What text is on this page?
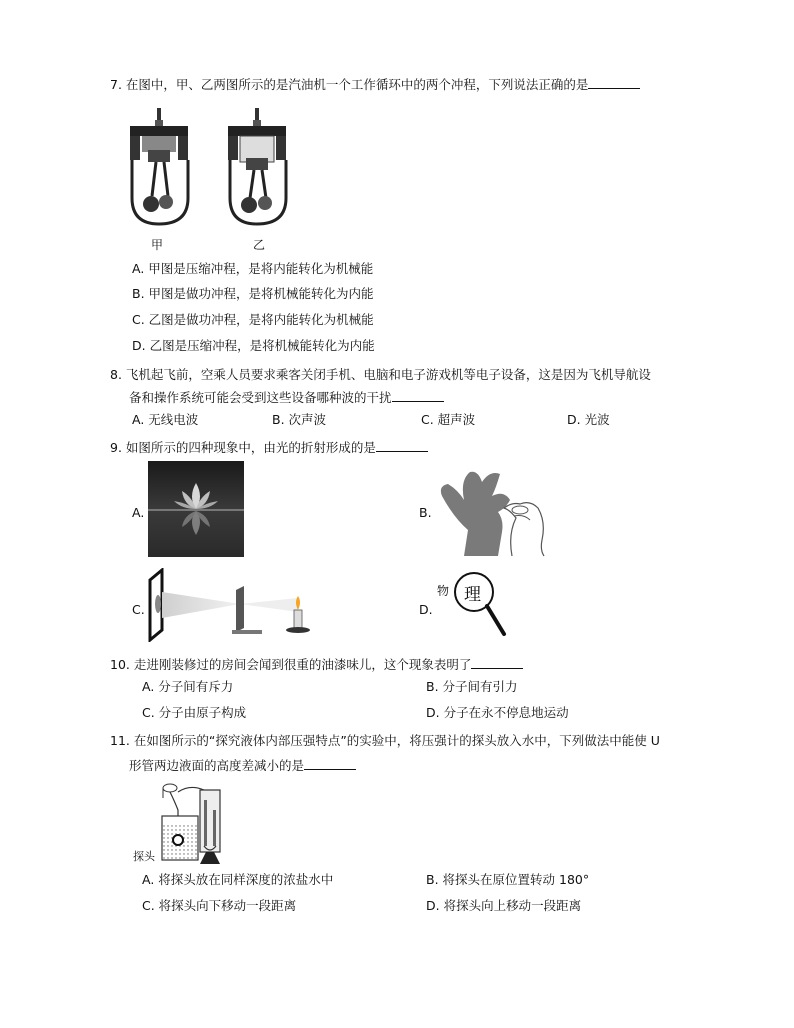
7. 在图中，甲、乙两图所示的是汽油机一个工作循环中的两个冲程，下列说法正确的是
甲	乙
A. 甲图是压缩冲程，是将内能转化为机械能
B. 甲图是做功冲程，是将机械能转化为内能
C. 乙图是做功冲程，是将内能转化为机械能
D. 乙图是压缩冲程，是将机械能转化为内能
8. 飞机起飞前，空乘人员要求乘客关闭手机、电脑和电子游戏机等电子设备，这是因为飞机导航设
备和操作系统可能会受到这些设备哪种波的干扰
A. 无线电波	B. 次声波	C. 超声波	D. 光波
9. 如图所示的四种现象中，由光的折射形成的是
A.	B.
C.	D.
物 理
10. 走进刚装修过的房间会闻到很重的油漆味儿，这个现象表明了
A. 分子间有斥力	B. 分子间有引力
C. 分子由原子构成	D. 分子在永不停息地运动
11. 在如图所示的“探究液体内部压强特点”的实验中，将压强计的探头放入水中，下列做法中能使 U
形管两边液面的高度差减小的是
探头
A. 将探头放在同样深度的浓盐水中	B. 将探头在原位置转动 180°
C. 将探头向下移动一段距离	D. 将探头向上移动一段距离
